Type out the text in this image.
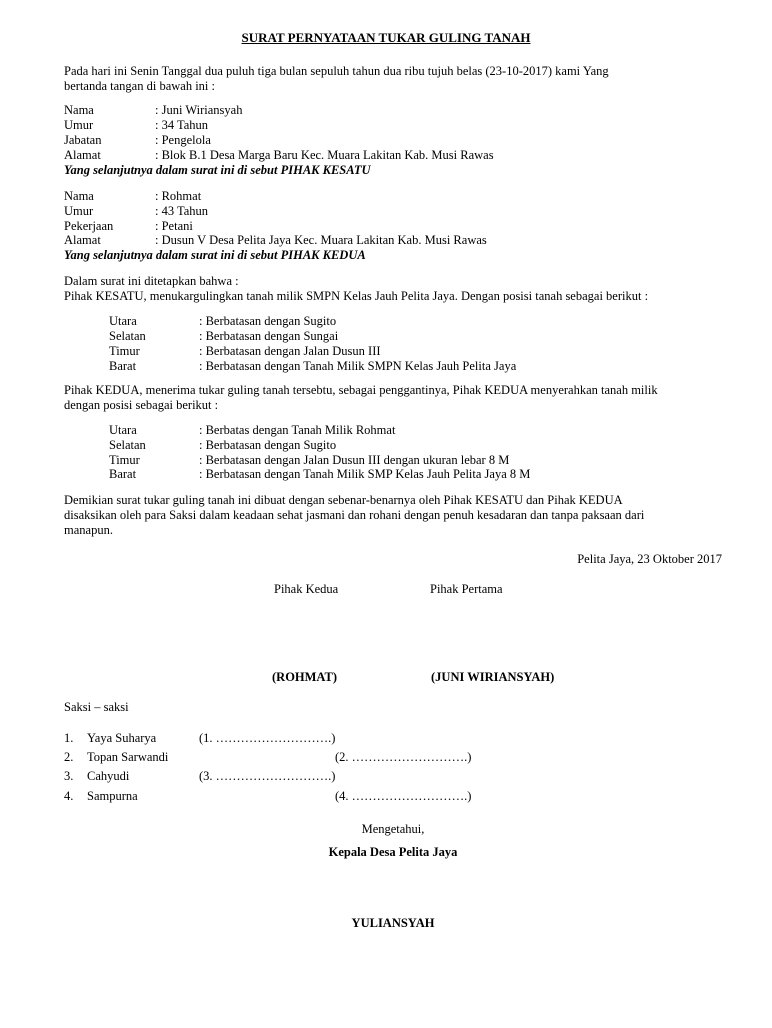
SURAT PERNYATAAN TUKAR GULING TANAH
Pada hari ini Senin Tanggal dua puluh tiga bulan sepuluh tahun dua ribu tujuh belas (23-10-2017) kami Yang
bertanda tangan di bawah ini :
Nama	: Juni Wiriansyah
Umur	: 34 Tahun
Jabatan	: Pengelola
Alamat	: Blok B.1 Desa Marga Baru Kec. Muara Lakitan Kab. Musi Rawas
Yang selanjutnya dalam surat ini di sebut PIHAK KESATU
Nama	: Rohmat
Umur	: 43 Tahun
Pekerjaan	: Petani
Alamat	: Dusun V Desa Pelita Jaya Kec. Muara Lakitan Kab. Musi Rawas
Yang selanjutnya dalam surat ini di sebut PIHAK KEDUA
Dalam surat ini ditetapkan bahwa :
Pihak KESATU, menukargulingkan tanah milik SMPN Kelas Jauh Pelita Jaya. Dengan posisi tanah sebagai berikut :
Utara	: Berbatasan dengan Sugito
Selatan	: Berbatasan dengan Sungai
Timur	: Berbatasan dengan Jalan Dusun III
Barat	: Berbatasan dengan Tanah Milik SMPN Kelas Jauh Pelita Jaya
Pihak KEDUA, menerima tukar guling tanah tersebtu, sebagai penggantinya, Pihak KEDUA menyerahkan tanah milik
dengan posisi sebagai berikut :
Utara	: Berbatas dengan Tanah Milik Rohmat
Selatan	: Berbatasan dengan Sugito
Timur	: Berbatasan dengan Jalan Dusun III dengan ukuran lebar 8 M
Barat	: Berbatasan dengan Tanah Milik SMP Kelas Jauh Pelita Jaya 8 M
Demikian surat tukar guling tanah ini dibuat dengan sebenar-benarnya oleh Pihak KESATU dan Pihak KEDUA
disaksikan oleh para Saksi dalam keadaan sehat jasmani dan rohani dengan penuh kesadaran dan tanpa paksaan dari
manapun.
Pelita Jaya, 23 Oktober 2017
Pihak Kedua	Pihak Pertama
(ROHMAT)	(JUNI WIRIANSYAH)
Saksi – saksi
1. Yaya Suharya	(1. ……………………….)
2. Topan Sarwandi	(2. ……………………….)
3. Cahyudi	(3. ……………………….)
4. Sampurna	(4. ……………………….)
Mengetahui,
Kepala Desa Pelita Jaya
YULIANSYAH
